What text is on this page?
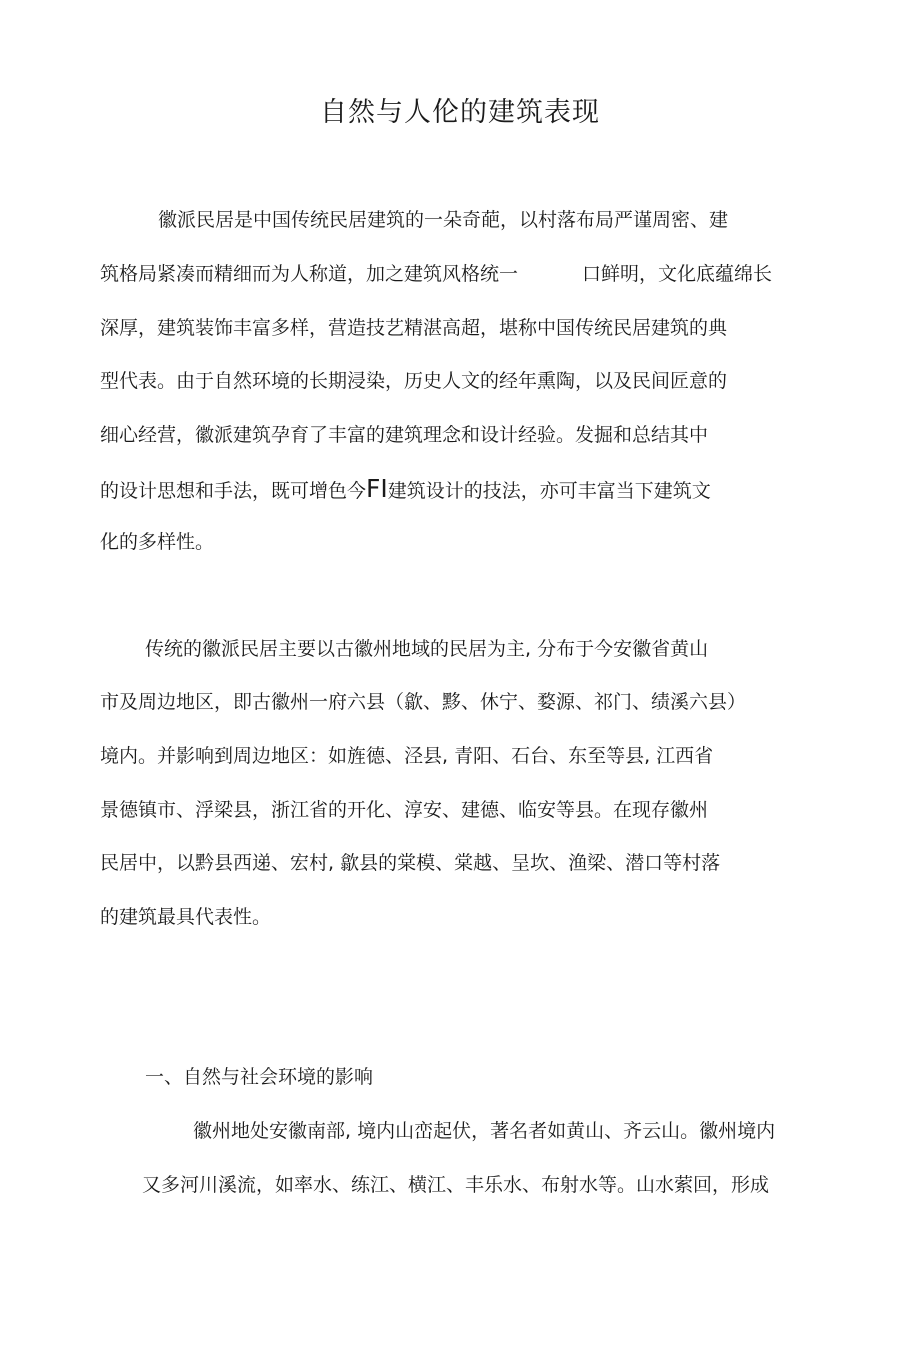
自然与人伦的建筑表现
徽派民居是中国传统民居建筑的一朵奇葩，以村落布局严谨周密、建
筑格局紧凑而精细而为人称道，加之建筑风格统一	口鲜明，文化底蕴绵长
深厚，建筑装饰丰富多样，营造技艺精湛高超，堪称中国传统民居建筑的典
型代表。由于自然环境的长期浸染，历史人文的经年熏陶，以及民间匠意的
细心经营，徽派建筑孕育了丰富的建筑理念和设计经验。发掘和总结其中
的设计思想和手法，既可增色今FI建筑设计的技法，亦可丰富当下建筑文
化的多样性。
传统的徽派民居主要以古徽州地域的民居为主, 分布于今安徽省黄山
市及周边地区，即古徽州一府六县（歙、黟、休宁、婺源、祁门、绩溪六县）
境内。并影响到周边地区：如旌德、泾县, 青阳、石台、东至等县, 江西省
景德镇市、浮梁县，浙江省的开化、淳安、建德、临安等县。在现存徽州
民居中，以黔县西递、宏村, 歙县的棠模、棠越、呈坎、渔梁、潜口等村落
的建筑最具代表性。
一、自然与社会环境的影响
徽州地处安徽南部, 境内山峦起伏，著名者如黄山、齐云山。徽州境内
又多河川溪流，如率水、练江、横江、丰乐水、布射水等。山水萦回，形成
